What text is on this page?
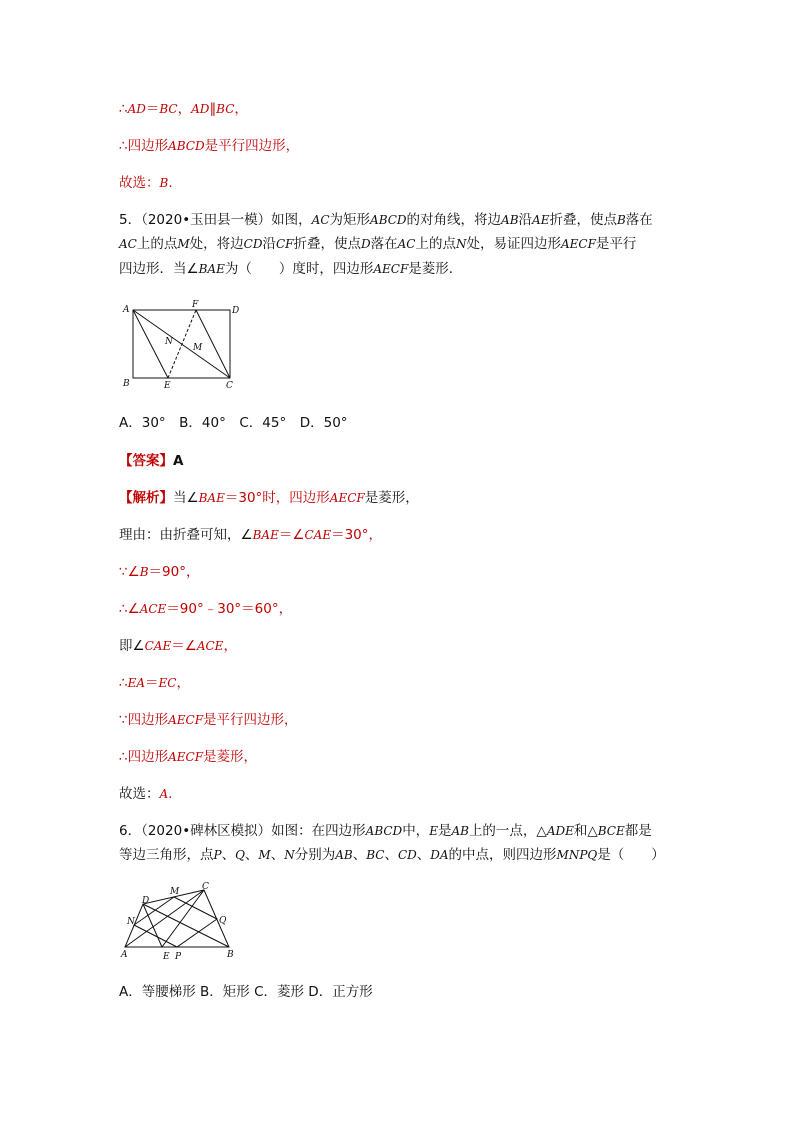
∴AD＝BC，AD∥BC，
∴四边形ABCD是平行四边形，
故选：B.
5．（2020•玉田县一模）如图，AC为矩形ABCD的对角线，将边AB沿AE折叠，使点B落在
AC上的点M处，将边CD沿CF折叠，使点D落在AC上的点N处，易证四边形AECF是平行
四边形．当∠BAE为（　　）度时，四边形AECF是菱形．
A
B	C
D
E
F
M
N
A．30°　B．40°　C．45°　D．50°
【答案】A
【解析】当∠BAE＝30°时，四边形AECF是菱形，
理由：由折叠可知，∠BAE＝∠CAE＝30°，
∵∠B＝90°，
∴∠ACE＝90°﹣30°＝60°，
即∠CAE＝∠ACE，
∴EA＝EC，
∵四边形AECF是平行四边形，
∴四边形AECF是菱形，
故选：A.
6．（2020•碑林区模拟）如图：在四边形ABCD中，E是AB上的一点，△ADE和△BCE都是
等边三角形，点P、Q、M、N分别为AB、BC、CD、DA的中点，则四边形MNPQ是（　　）
A	B
C
D
E P
M
N	Q
A．等腰梯形 B．矩形 C．菱形 D．正方形
